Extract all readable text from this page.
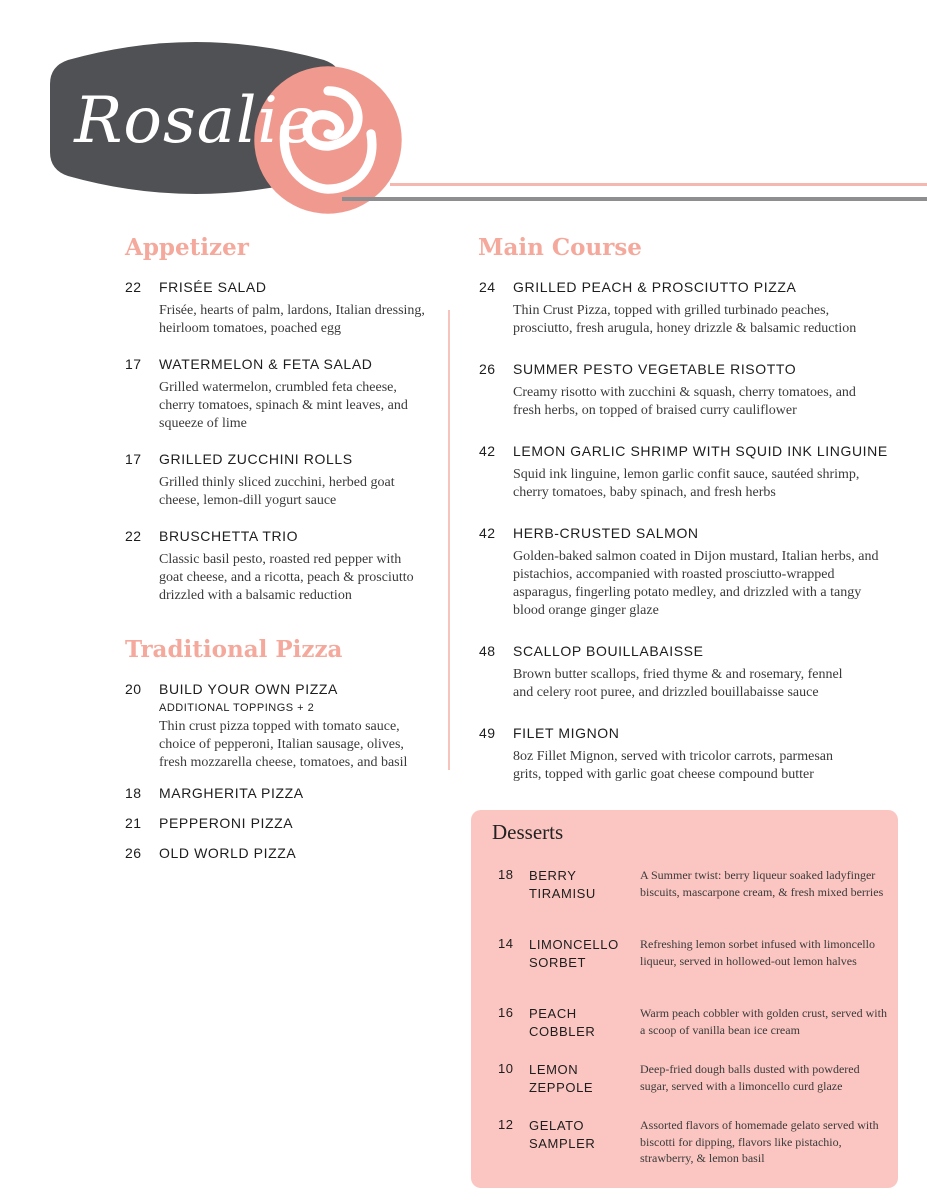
Rosalie
Appetizer
22	FRISÉE SALAD
Frisée, hearts of palm, lardons, Italian dressing, heirloom tomatoes, poached egg
17	WATERMELON & FETA SALAD
Grilled watermelon, crumbled feta cheese, cherry tomatoes, spinach & mint leaves, and squeeze of lime
17	GRILLED ZUCCHINI ROLLS
Grilled thinly sliced zucchini, herbed goat cheese, lemon-dill yogurt sauce
22	BRUSCHETTA TRIO
Classic basil pesto, roasted red pepper with goat cheese, and a ricotta, peach & prosciutto drizzled with a balsamic reduction
Traditional Pizza
20	BUILD YOUR OWN PIZZA
ADDITIONAL TOPPINGS + 2
Thin crust pizza topped with tomato sauce, choice of pepperoni, Italian sausage, olives, fresh mozzarella cheese, tomatoes, and basil
18	MARGHERITA PIZZA
21	PEPPERONI PIZZA
26	OLD WORLD PIZZA
Main Course
24	GRILLED PEACH & PROSCIUTTO PIZZA
Thin Crust Pizza, topped with grilled turbinado peaches, prosciutto, fresh arugula, honey drizzle & balsamic reduction
26	SUMMER PESTO VEGETABLE RISOTTO
Creamy risotto with zucchini & squash, cherry tomatoes, and fresh herbs, on topped of braised curry cauliflower
42	LEMON GARLIC SHRIMP WITH SQUID INK LINGUINE
Squid ink linguine, lemon garlic confit sauce, sautéed shrimp, cherry tomatoes, baby spinach, and fresh herbs
42	HERB-CRUSTED SALMON
Golden-baked salmon coated in Dijon mustard, Italian herbs, and pistachios, accompanied with roasted prosciutto-wrapped asparagus, fingerling potato medley, and drizzled with a tangy blood orange ginger glaze
48	SCALLOP BOUILLABAISSE
Brown butter scallops, fried thyme & and rosemary, fennel and celery root puree, and drizzled bouillabaisse sauce
49	FILET MIGNON
8oz Fillet Mignon, served with tricolor carrots, parmesan grits, topped with garlic goat cheese compound butter
Desserts
18 BERRY TIRAMISU
A Summer twist: berry liqueur soaked ladyfinger biscuits, mascarpone cream, & fresh mixed berries
14 LIMONCELLO SORBET
Refreshing lemon sorbet infused with limoncello liqueur, served in hollowed-out lemon halves
16 PEACH COBBLER
Warm peach cobbler with golden crust, served with a scoop of vanilla bean ice cream
10 LEMON ZEPPOLE
Deep-fried dough balls dusted with powdered sugar, served with a limoncello curd glaze
12 GELATO SAMPLER
Assorted flavors of homemade gelato served with biscotti for dipping, flavors like pistachio, strawberry, & lemon basil
